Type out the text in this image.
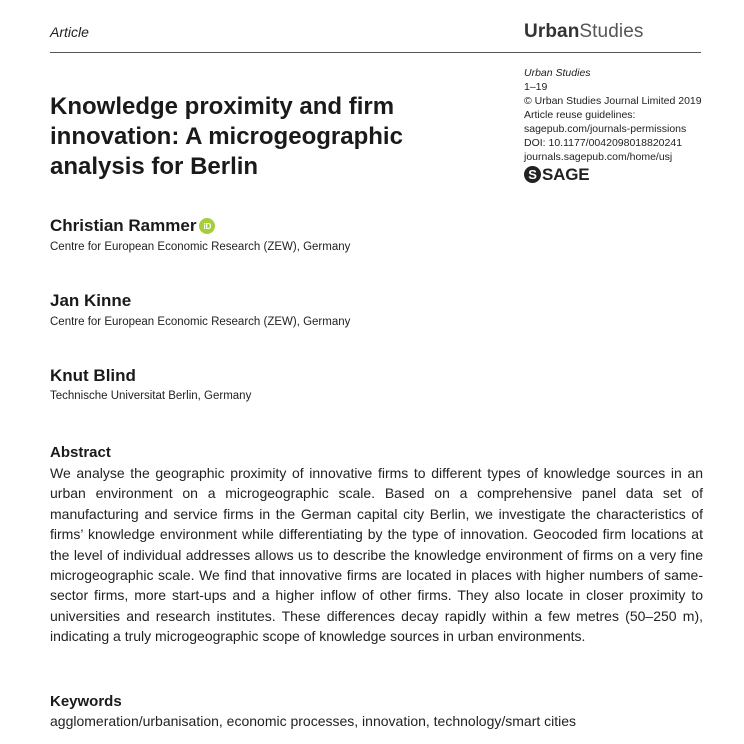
Article	UrbanStudies
Urban Studies
1–19
© Urban Studies Journal Limited 2019
Article reuse guidelines:
sagepub.com/journals-permissions
DOI: 10.1177/0042098018820241
journals.sagepub.com/home/usj
S SAGE
Knowledge proximity and firm innovation: A microgeographic analysis for Berlin
Christian Rammer iD
Centre for European Economic Research (ZEW), Germany
Jan Kinne
Centre for European Economic Research (ZEW), Germany
Knut Blind
Technische Universitat Berlin, Germany
Abstract
We analyse the geographic proximity of innovative firms to different types of knowledge sources in an urban environment on a microgeographic scale. Based on a comprehensive panel data set of manufacturing and service firms in the German capital city Berlin, we investigate the characteristics of firms’ knowledge environment while differentiating by the type of innovation. Geocoded firm locations at the level of individual addresses allows us to describe the knowledge environment of firms on a very fine microgeographic scale. We find that innovative firms are located in places with higher numbers of same-sector firms, more start-ups and a higher inflow of other firms. They also locate in closer proximity to universities and research institutes. These differences decay rapidly within a few metres (50–250 m), indicating a truly microgeographic scope of knowledge sources in urban environments.
Keywords
agglomeration/urbanisation, economic processes, innovation, technology/smart cities
